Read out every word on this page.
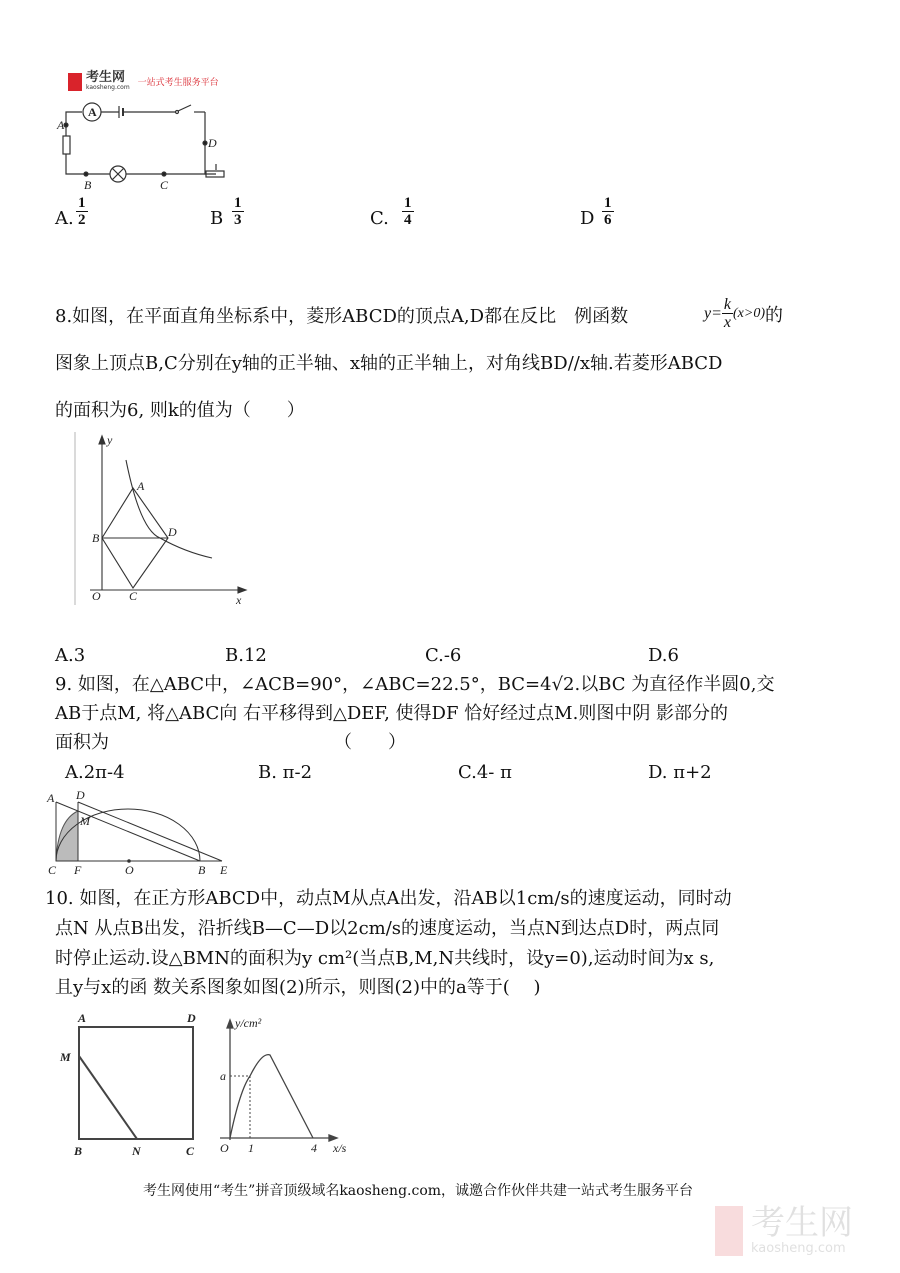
考生网
kaosheng.com 一站式考生服务平台
A
A
B	C
D
A. $\frac{1}{2}$	B $\frac{1}{3}$	C. $\frac{1}{4}$	D $\frac{1}{6}$
8.如图，在平面直角坐标系中，菱形ABCD的顶点A,D都在反比　例函数	$y= \frac{k}{x} (x>0)$ 的
图象上顶点B,C分别在y轴的正半轴、x轴的正半轴上，对角线BD//x轴.若菱形ABCD
的面积为6, 则k的值为（　　）
y
x
O
A
B
C
D
A.3	B.12	C.-6	D.6
9. 如图，在△ABC中，∠ACB=90°，∠ABC=22.5°，BC=4√2.以BC 为直径作半圆0,交
AB于点M, 将△ABC向 右平移得到△DEF, 使得DF 恰好经过点M.则图中阴 影部分的
面积为　　　　　　　　　　　　　（　　）
A.2π-4	B. π-2	C.4- π	D. π+2
A D
M
C F	O	B E
10. 如图，在正方形ABCD中，动点M从点A出发，沿AB以1cm/s的速度运动，同时动
点N 从点B出发，沿折线B—C—D以2cm/s的速度运动，当点N到达点D时，两点同
时停止运动.设△BMN的面积为y cm²(当点B,M,N共线时，设y=0),运动时间为x s,
且y与x的函 数关系图象如图(2)所示，则图(2)中的a等于(　 )
A	D
M
B	N	C
y/cm²
x/s
a
O 1	4
考生网使用“考生”拼音顶级域名kaosheng.com，诚邀合作伙伴共建一站式考生服务平台
考生网
kaosheng.com
